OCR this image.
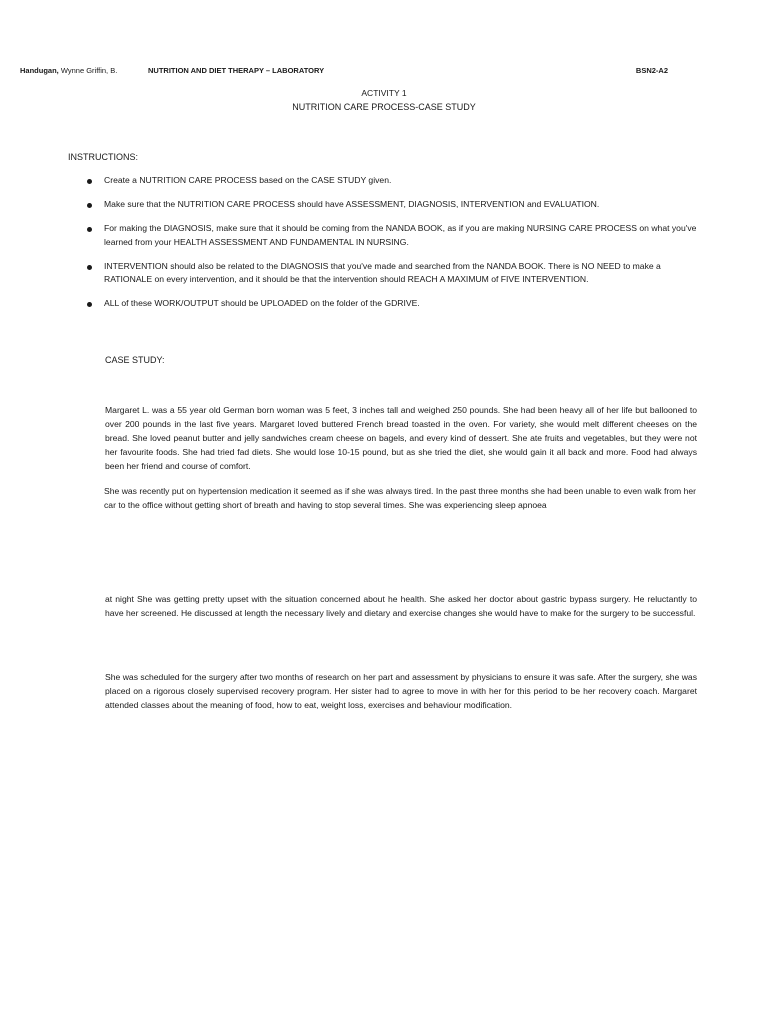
Handugan, Wynne Griffin, B.	NUTRITION AND DIET THERAPY – LABORATORY	BSN2-A2
ACTIVITY 1
NUTRITION CARE PROCESS-CASE STUDY
INSTRUCTIONS:
Create a NUTRITION CARE PROCESS based on the CASE STUDY given.
Make sure that the NUTRITION CARE PROCESS should have ASSESSMENT, DIAGNOSIS, INTERVENTION and EVALUATION.
For making the DIAGNOSIS, make sure that it should be coming from the NANDA BOOK, as if you are making NURSING CARE PROCESS on what you've learned from your HEALTH ASSESSMENT AND FUNDAMENTAL IN NURSING.
INTERVENTION should also be related to the DIAGNOSIS that you've made and searched from the NANDA BOOK. There is NO NEED to make a RATIONALE on every intervention, and it should be that the intervention should REACH A MAXIMUM of FIVE INTERVENTION.
ALL of these WORK/OUTPUT should be UPLOADED on the folder of the GDRIVE.
CASE STUDY:

Margaret L. was a 55 year old German born woman was 5 feet, 3 inches tall and weighed 250 pounds. She had been heavy all of her life but ballooned to over 200 pounds in the last five years. Margaret loved buttered French bread toasted in the oven. For variety, she would melt different cheeses on the bread. She loved peanut butter and jelly sandwiches cream cheese on bagels, and every kind of dessert. She ate fruits and vegetables, but they were not her favourite foods. She had tried fad diets. She would lose 10-15 pound, but as she tried the diet, she would gain it all back and more. Food had always been her friend and course of comfort.

She was recently put on hypertension medication it seemed as if she was always tired. In the past three months she had been unable to even walk from her car to the office without getting short of breath and having to stop several times. She was experiencing sleep apnoea

at night She was getting pretty upset with the situation concerned about he health. She asked her doctor about gastric bypass surgery. He reluctantly to have her screened. He discussed at length the necessary lively and dietary and exercise changes she would have to make for the surgery to be successful.

She was scheduled for the surgery after two months of research on her part and assessment by physicians to ensure it was safe. After the surgery, she was placed on a rigorous closely supervised recovery program. Her sister had to agree to move in with her for this period to be her recovery coach. Margaret attended classes about the meaning of food, how to eat, weight loss, exercises and behaviour modification.
